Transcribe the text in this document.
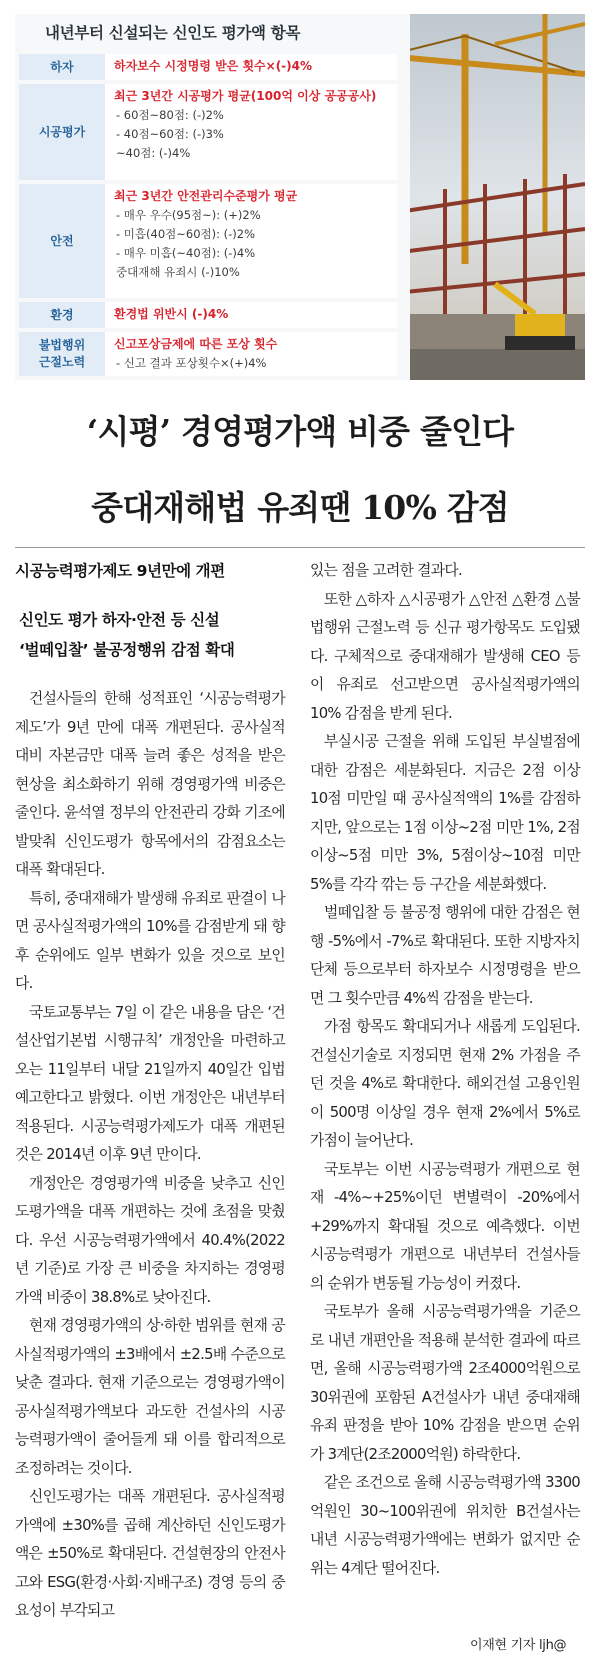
내년부터 신설되는 신인도 평가액 항목
하자	하자보수 시정명령 받은 횟수×(-)4%
시공평가
최근 3년간 시공평가 평균(100억 이상 공공공사)
- 60점~80점: (-)2%
- 40점~60점: (-)3%
~40점: (-)4%
안전
최근 3년간 안전관리수준평가 평균
- 매우 우수(95점~): (+)2%
- 미흡(40점~60점): (-)2%
- 매우 미흡(~40점): (-)4%
중대재해 유죄시 (-)10%
환경	환경법 위반시 (-)4%
불법행위
근절노력
신고포상금제에 따른 포상 횟수
- 신고 결과 포상횟수×(+)4%
‘시평’ 경영평가액 비중 줄인다
중대재해법 유죄땐 10% 감점
시공능력평가제도 9년만에 개편
신인도 평가 하자·안전 등 신설
‘벌떼입찰’ 불공정행위 감점 확대

건설사들의 한해 성적표인 ‘시공능력평가제도’가 9년 만에 대폭 개편된다. 공사실적 대비 자본금만 대폭 늘려 좋은 성적을 받은 현상을 최소화하기 위해 경영평가액 비중은 줄인다. 윤석열 정부의 안전관리 강화 기조에 발맞춰 신인도평가 항목에서의 감점요소는 대폭 확대된다.

특히, 중대재해가 발생해 유죄로 판결이 나면 공사실적평가액의 10%를 감점받게 돼 향후 순위에도 일부 변화가 있을 것으로 보인다.

국토교통부는 7일 이 같은 내용을 담은 ‘건설산업기본법 시행규칙’ 개정안을 마련하고 오는 11일부터 내달 21일까지 40일간 입법예고한다고 밝혔다. 이번 개정안은 내년부터 적용된다. 시공능력평가제도가 대폭 개편된 것은 2014년 이후 9년 만이다.

개정안은 경영평가액 비중을 낮추고 신인도평가액을 대폭 개편하는 것에 초점을 맞췄다. 우선 시공능력평가액에서 40.4%(2022년 기준)로 가장 큰 비중을 차지하는 경영평가액 비중이 38.8%로 낮아진다.

현재 경영평가액의 상·하한 범위를 현재 공사실적평가액의 ±3배에서 ±2.5배 수준으로 낮춘 결과다. 현재 기준으로는 경영평가액이 공사실적평가액보다 과도한 건설사의 시공능력평가액이 줄어들게 돼 이를 합리적으로 조정하려는 것이다.

신인도평가는 대폭 개편된다. 공사실적평가액에 ±30%를 곱해 계산하던 신인도평가액은 ±50%로 확대된다. 건설현장의 안전사고와 ESG(환경·사회·지배구조) 경영 등의 중요성이 부각되고

있는 점을 고려한 결과다.

또한 △하자 △시공평가 △안전 △환경 △불법행위 근절노력 등 신규 평가항목도 도입됐다. 구체적으로 중대재해가 발생해 CEO 등이 유죄로 선고받으면 공사실적평가액의 10% 감점을 받게 된다.

부실시공 근절을 위해 도입된 부실벌점에 대한 감점은 세분화된다. 지금은 2점 이상 10점 미만일 때 공사실적액의 1%를 감점하지만, 앞으로는 1점 이상~2점 미만 1%, 2점 이상~5점 미만 3%, 5점이상~10점 미만 5%를 각각 깎는 등 구간을 세분화했다.

벌떼입찰 등 불공정 행위에 대한 감점은 현행 -5%에서 -7%로 확대된다. 또한 지방자치단체 등으로부터 하자보수 시정명령을 받으면 그 횟수만큼 4%씩 감점을 받는다.

가점 항목도 확대되거나 새롭게 도입된다. 건설신기술로 지정되면 현재 2% 가점을 주던 것을 4%로 확대한다. 해외건설 고용인원이 500명 이상일 경우 현재 2%에서 5%로 가점이 늘어난다.

국토부는 이번 시공능력평가 개편으로 현재 -4%~+25%이던 변별력이 -20%에서 +29%까지 확대될 것으로 예측했다. 이번 시공능력평가 개편으로 내년부터 건설사들의 순위가 변동될 가능성이 커졌다.

국토부가 올해 시공능력평가액을 기준으로 내년 개편안을 적용해 분석한 결과에 따르면, 올해 시공능력평가액 2조4000억원으로 30위권에 포함된 A건설사가 내년 중대재해 유죄 판정을 받아 10% 감점을 받으면 순위가 3계단(2조2000억원) 하락한다.

같은 조건으로 올해 시공능력평가액 3300억원인 30~100위권에 위치한 B건설사는 내년 시공능력평가액에는 변화가 없지만 순위는 4계단 떨어진다.

이재현 기자 ljh@
